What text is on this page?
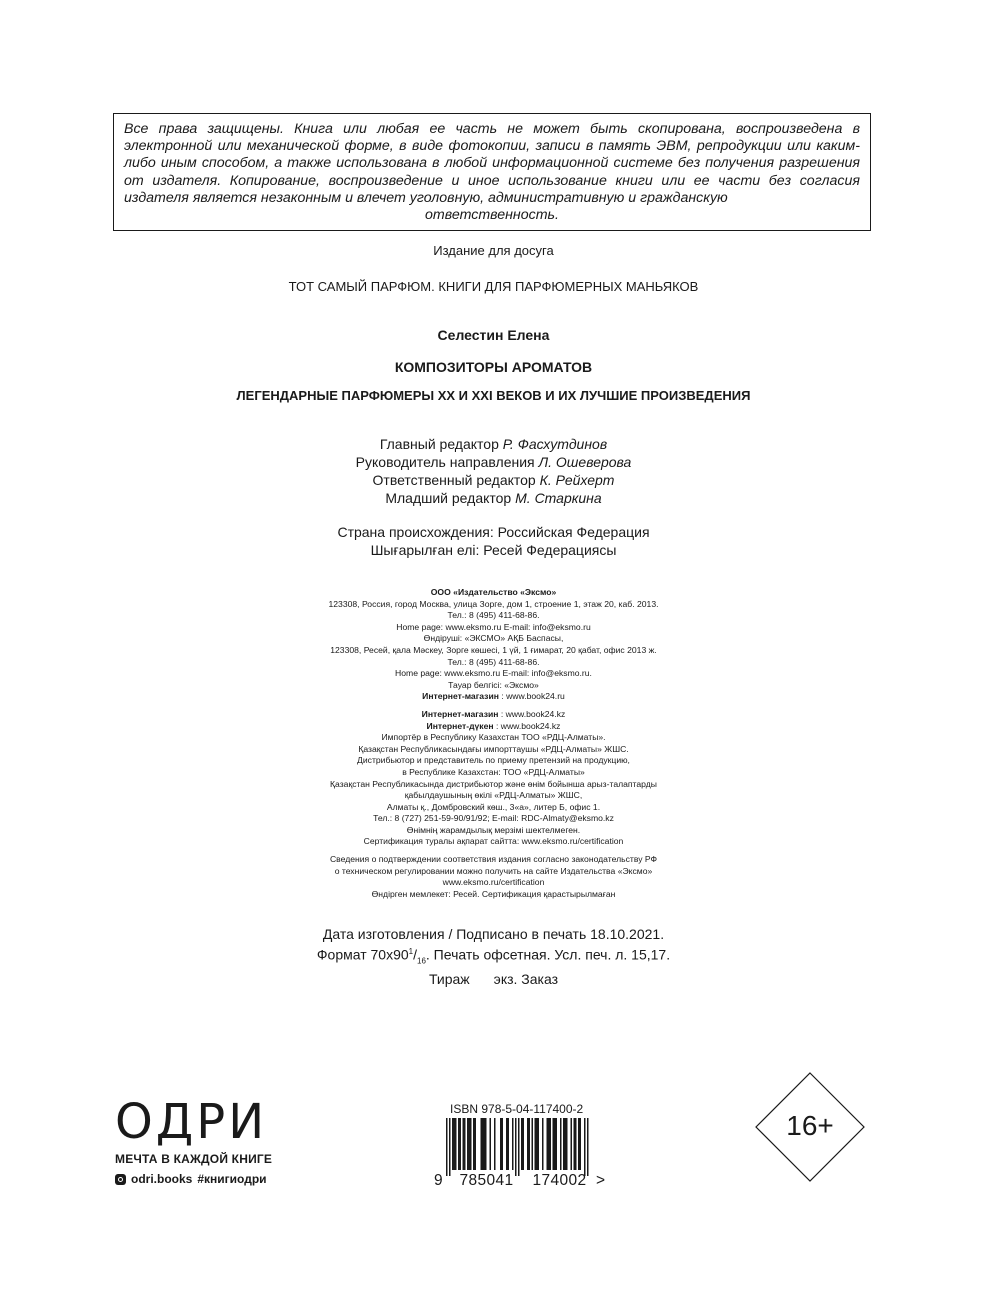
Все права защищены. Книга или любая ее часть не может быть скопирована, воспроизведена в электронной или механической форме, в виде фотокопии, записи в память ЭВМ, репродукции или каким-либо иным способом, а также использована в любой информационной системе без получения разрешения от издателя. Копирование, воспроизведение и иное использование книги или ее части без согласия издателя является незаконным и влечет уголовную, административную и гражданскую
ответственность.
Издание для досуга
ТОТ САМЫЙ ПАРФЮМ. КНИГИ ДЛЯ ПАРФЮМЕРНЫХ МАНЬЯКОВ
Селестин Елена
КОМПОЗИТОРЫ АРОМАТОВ
ЛЕГЕНДАРНЫЕ ПАРФЮМЕРЫ XX И XXI ВЕКОВ И ИХ ЛУЧШИЕ ПРОИЗВЕДЕНИЯ
Главный редактор Р. Фасхутдинов
Руководитель направления Л. Ошеверова
Ответственный редактор К. Рейхерт
Младший редактор М. Старкина
Страна происхождения: Российская Федерация
Шығарылған елі: Ресей Федерациясы
ООО «Издательство «Эксмо»
123308, Россия, город Москва, улица Зорге, дом 1, строение 1, этаж 20, каб. 2013.
Тел.: 8 (495) 411-68-86.
Home page: www.eksmo.ru E-mail: info@eksmo.ru
Өндіруші: «ЭКСМО» АҚБ Баспасы,
123308, Ресей, қала Мәскеу, Зорге көшесі, 1 үй, 1 ғимарат, 20 қабат, офис 2013 ж.
Тел.: 8 (495) 411-68-86.
Home page: www.eksmo.ru E-mail: info@eksmo.ru.
Тауар белгісі: «Эксмо»
Интернет-магазин : www.book24.ru
Интернет-магазин : www.book24.kz
Интернет-дүкен : www.book24.kz
Импортёр в Республику Казахстан ТОО «РДЦ-Алматы».
Қазақстан Республикасындағы импорттаушы «РДЦ-Алматы» ЖШС.
Дистрибьютор и представитель по приему претензий на продукцию,
в Республике Казахстан: ТОО «РДЦ-Алматы»
Қазақстан Республикасында дистрибьютор және өнім бойынша арыз-талаптарды
қабылдаушының өкілі «РДЦ-Алматы» ЖШС,
Алматы қ., Домбровский көш., 3«а», литер Б, офис 1.
Тел.: 8 (727) 251-59-90/91/92; E-mail: RDC-Almaty@eksmo.kz
Өнімнің жарамдылық мерзімі шектелмеген.
Сертификация туралы ақпарат сайтта: www.eksmo.ru/certification
Сведения о подтверждении соответствия издания согласно законодательству РФ
о техническом регулировании можно получить на сайте Издательства «Эксмо»
www.eksmo.ru/certification
Өндірген мемлекет: Ресей. Сертификация қарастырылмаған
Дата изготовления / Подписано в печать 18.10.2021.
Формат $70x90^1/_{16}$. Печать офсетная. Усл. печ. л. 15,17.
Тираж экз. Заказ
ОДРИ
МЕЧТА В КАЖДОЙ КНИГЕ
odri.books #книгиодри
ISBN 978-5-04-117400-2
9 785041 174002 >
16+
